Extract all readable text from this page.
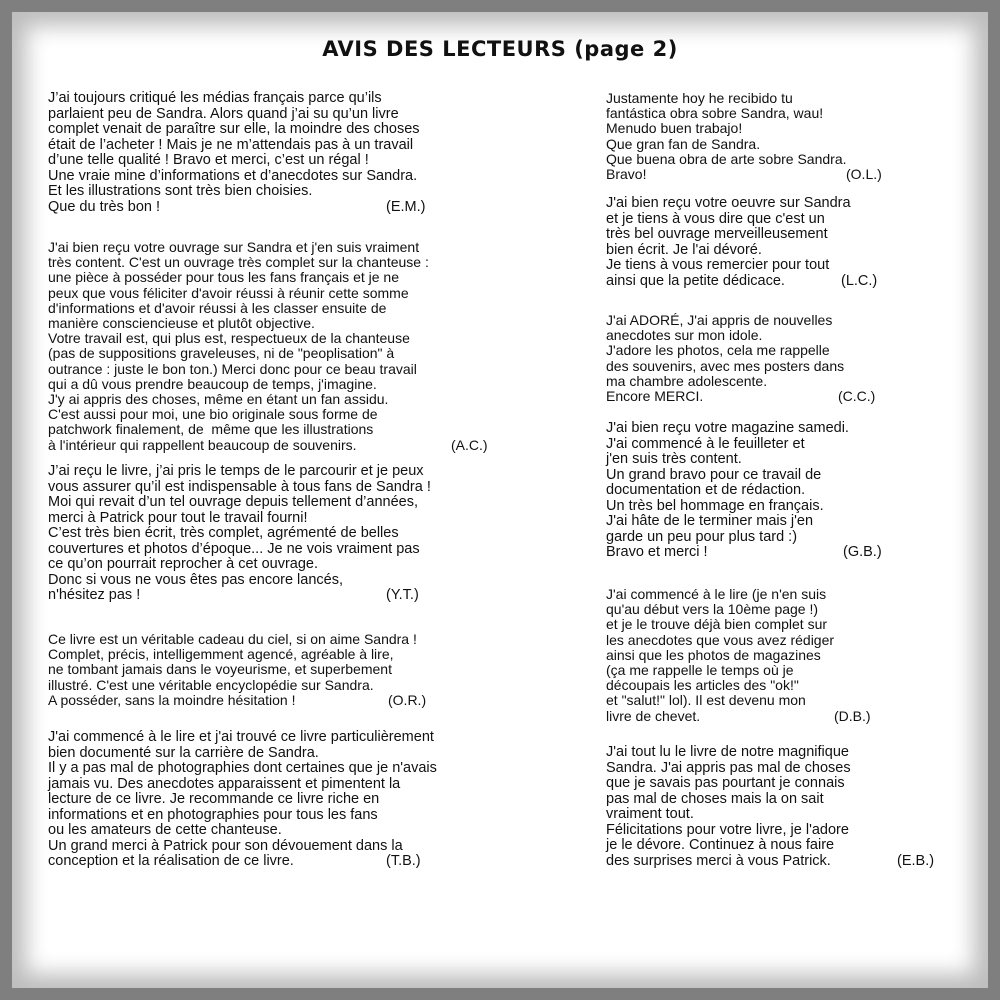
AVIS DES LECTEURS (page 2)
J’ai toujours critiqué les médias français parce qu’ils
parlaient peu de Sandra. Alors quand j’ai su qu’un livre
complet venait de paraître sur elle, la moindre des choses
était de l’acheter ! Mais je ne m’attendais pas à un travail
d’une telle qualité ! Bravo et merci, c’est un régal !
Une vraie mine d’informations et d’anecdotes sur Sandra.
Et les illustrations sont très bien choisies.
Que du très bon !	(E.M.)
J'ai bien reçu votre ouvrage sur Sandra et j'en suis vraiment
très content. C'est un ouvrage très complet sur la chanteuse :
une pièce à posséder pour tous les fans français et je ne
peux que vous féliciter d'avoir réussi à réunir cette somme
d'informations et d'avoir réussi à les classer ensuite de
manière consciencieuse et plutôt objective.
Votre travail est, qui plus est, respectueux de la chanteuse
(pas de suppositions graveleuses, ni de "peoplisation" à
outrance : juste le bon ton.) Merci donc pour ce beau travail
qui a dû vous prendre beaucoup de temps, j'imagine.
J'y ai appris des choses, même en étant un fan assidu.
C'est aussi pour moi, une bio originale sous forme de
patchwork finalement, de  même que les illustrations
à l'intérieur qui rappellent beaucoup de souvenirs.	(A.C.)
J’ai reçu le livre, j’ai pris le temps de le parcourir et je peux
vous assurer qu’il est indispensable à tous fans de Sandra !
Moi qui revait d’un tel ouvrage depuis tellement d’années,
merci à Patrick pour tout le travail fourni!
C’est très bien écrit, très complet, agrémenté de belles
couvertures et photos d’époque... Je ne vois vraiment pas
ce qu’on pourrait reprocher à cet ouvrage.
Donc si vous ne vous êtes pas encore lancés,
n'hésitez pas !	(Y.T.)
Ce livre est un véritable cadeau du ciel, si on aime Sandra !
Complet, précis, intelligemment agencé, agréable à lire,
ne tombant jamais dans le voyeurisme, et superbement
illustré. C'est une véritable encyclopédie sur Sandra.
A posséder, sans la moindre hésitation !	(O.R.)
J'ai commencé à le lire et j'ai trouvé ce livre particulièrement
bien documenté sur la carrière de Sandra.
Il y a pas mal de photographies dont certaines que je n'avais
jamais vu. Des anecdotes apparaissent et pimentent la
lecture de ce livre. Je recommande ce livre riche en
informations et en photographies pour tous les fans
ou les amateurs de cette chanteuse.
Un grand merci à Patrick pour son dévouement dans la
conception et la réalisation de ce livre.	(T.B.)
Justamente hoy he recibido tu
fantástica obra sobre Sandra, wau!
Menudo buen trabajo!
Que gran fan de Sandra.
Que buena obra de arte sobre Sandra.
Bravo!	(O.L.)
J'ai bien reçu votre oeuvre sur Sandra
et je tiens à vous dire que c'est un
très bel ouvrage merveilleusement
bien écrit. Je l'ai dévoré.
Je tiens à vous remercier pour tout
ainsi que la petite dédicace.	(L.C.)
J'ai ADORÉ, J'ai appris de nouvelles
anecdotes sur mon idole.
J'adore les photos, cela me rappelle
des souvenirs, avec mes posters dans
ma chambre adolescente.
Encore MERCI.	(C.C.)
J'ai bien reçu votre magazine samedi.
J'ai commencé à le feuilleter et
j'en suis très content.
Un grand bravo pour ce travail de
documentation et de rédaction.
Un très bel hommage en français.
J'ai hâte de le terminer mais j'en
garde un peu pour plus tard :)
Bravo et merci !	(G.B.)
J'ai commencé à le lire (je n'en suis
qu'au début vers la 10ème page !)
et je le trouve déjà bien complet sur
les anecdotes que vous avez rédiger
ainsi que les photos de magazines
(ça me rappelle le temps où je
découpais les articles des "ok!"
et "salut!" lol). Il est devenu mon
livre de chevet.	(D.B.)
J'ai tout lu le livre de notre magnifique
Sandra. J'ai appris pas mal de choses
que je savais pas pourtant je connais
pas mal de choses mais la on sait
vraiment tout.
Félicitations pour votre livre, je l'adore
je le dévore. Continuez à nous faire
des surprises merci à vous Patrick.	(E.B.)
